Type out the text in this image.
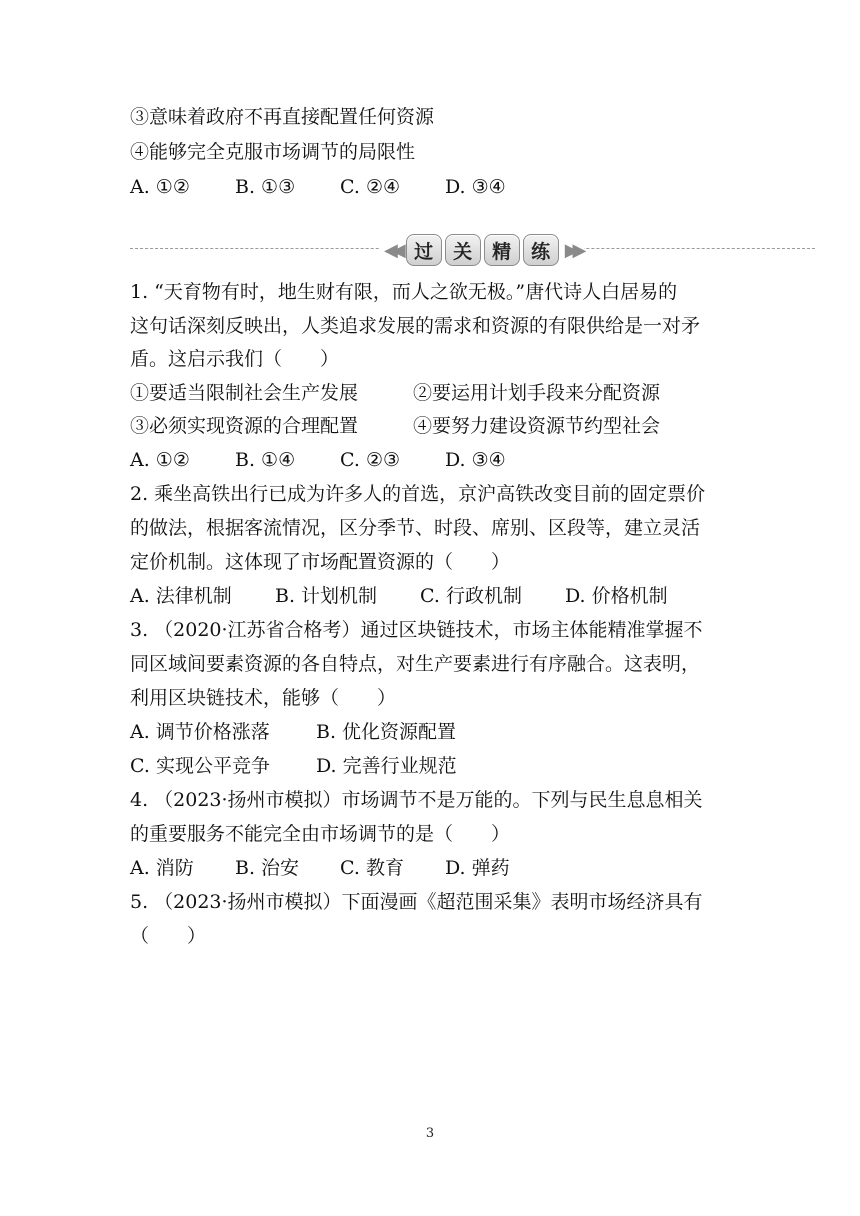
③意味着政府不再直接配置任何资源

④能够完全克服市场调节的局限性

A. ①②	B. ①③	C. ②④	D. ③④
◀◀ 过	关	精	练 ▶▶

1. “天育物有时，地生财有限，而人之欲无极。”唐代诗人白居易的

这句话深刻反映出，人类追求发展的需求和资源的有限供给是一对矛

盾。这启示我们（　　）

①要适当限制社会生产发展	②要运用计划手段来分配资源
③必须实现资源的合理配置	④要努力建设资源节约型社会
A. ①②	B. ①④	C. ②③	D. ③④

2. 乘坐高铁出行已成为许多人的首选，京沪高铁改变目前的固定票价

的做法，根据客流情况，区分季节、时段、席别、区段等，建立灵活

定价机制。这体现了市场配置资源的（　　）

A. 法律机制	B. 计划机制	C. 行政机制	D. 价格机制

3. （2020·江苏省合格考）通过区块链技术，市场主体能精准掌握不

同区域间要素资源的各自特点，对生产要素进行有序融合。这表明，

利用区块链技术，能够（　　）

A. 调节价格涨落	B. 优化资源配置
C. 实现公平竞争	D. 完善行业规范

4. （2023·扬州市模拟）市场调节不是万能的。下列与民生息息相关

的重要服务不能完全由市场调节的是（　　）

A. 消防	B. 治安	C. 教育	D. 弹药

5. （2023·扬州市模拟）下面漫画《超范围采集》表明市场经济具有

（　　）

3
